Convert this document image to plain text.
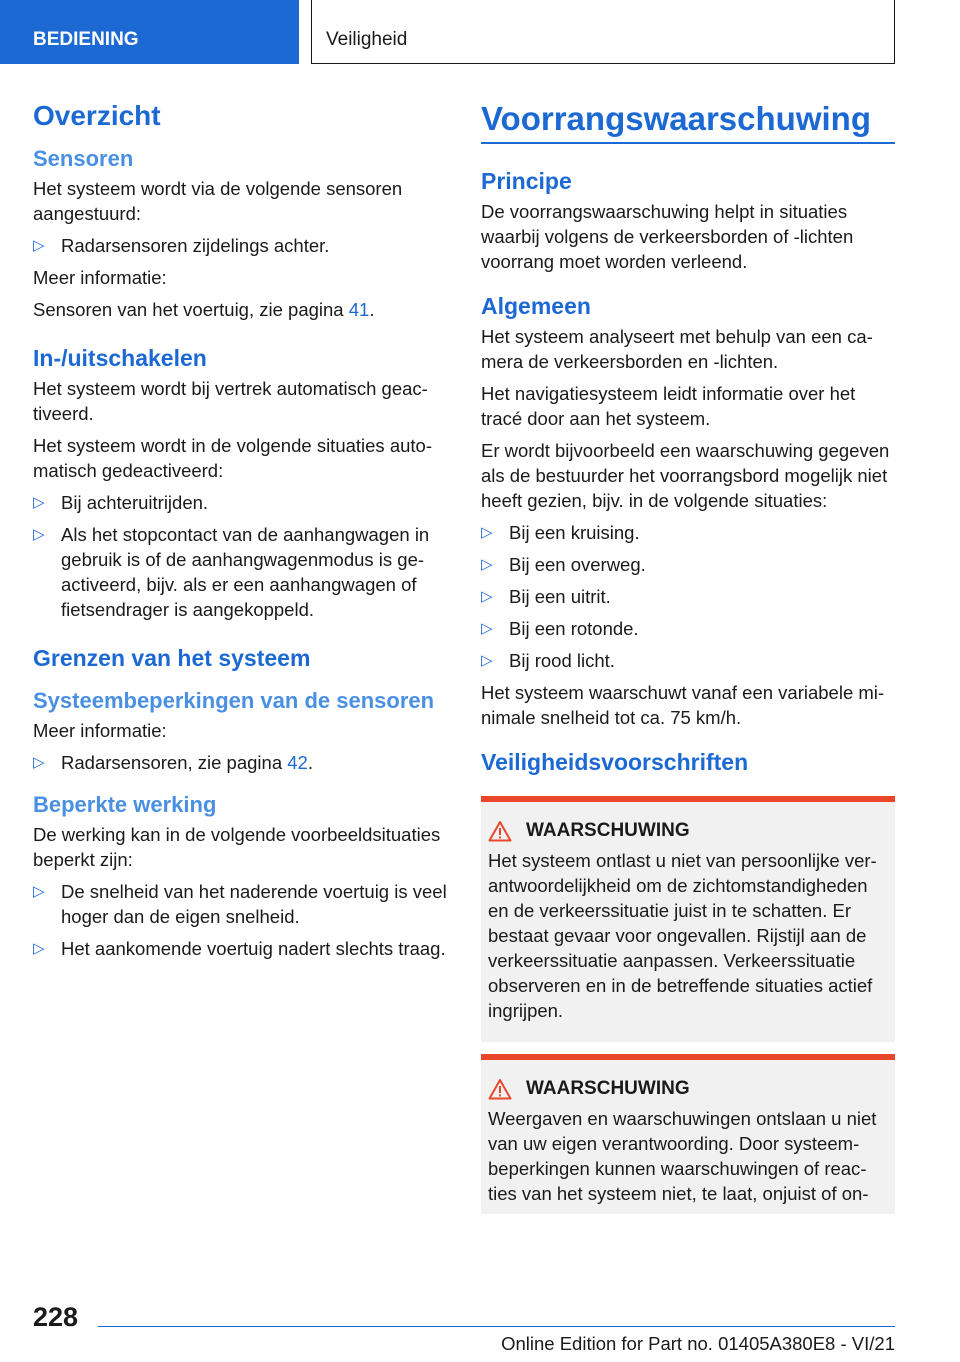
BEDIENING	Veiligheid
Overzicht
Sensoren

Het systeem wordt via de volgende sensoren aangestuurd:

▷ Radarsensoren zijdelings achter.

Meer informatie:

Sensoren van het voertuig, zie pagina 41.

In-/uitschakelen

Het systeem wordt bij vertrek automatisch geactiveerd.

Het systeem wordt in de volgende situaties automatisch gedeactiveerd:

▷ Bij achteruitrijden.
▷ Als het stopcontact van de aanhangwagen in gebruik is of de aanhangwagenmodus is geactiveerd, bijv. als er een aanhangwagen of fietsendrager is aangekoppeld.
Grenzen van het systeem
Systeembeperkingen van de sensoren

Meer informatie:

▷ Radarsensoren, zie pagina 42.
Beperkte werking

De werking kan in de volgende voorbeeldsituaties beperkt zijn:

▷ De snelheid van het naderende voertuig is veel hoger dan de eigen snelheid.
▷ Het aankomende voertuig nadert slechts traag.
Voorrangswaarschuwing
Principe

De voorrangswaarschuwing helpt in situaties waarbij volgens de verkeersborden of -lichten voorrang moet worden verleend.

Algemeen

Het systeem analyseert met behulp van een camera de verkeersborden en -lichten.

Het navigatiesysteem leidt informatie over het tracé door aan het systeem.

Er wordt bijvoorbeeld een waarschuwing gegeven als de bestuurder het voorrangsbord mogelijk niet heeft gezien, bijv. in de volgende situaties:

▷ Bij een kruising.
▷ Bij een overweg.
▷ Bij een uitrit.
▷ Bij een rotonde.
▷ Bij rood licht.

Het systeem waarschuwt vanaf een variabele minimale snelheid tot ca. 75 km/h.

Veiligheidsvoorschriften
WAARSCHUWING

Het systeem ontlast u niet van persoonlijke verantwoordelijkheid om de zichtomstandigheden en de verkeerssituatie juist in te schatten. Er bestaat gevaar voor ongevallen. Rijstijl aan de verkeerssituatie aanpassen. Verkeerssituatie observeren en in de betreffende situaties actief ingrijpen.

WAARSCHUWING

Weergaven en waarschuwingen ontslaan u niet van uw eigen verantwoording. Door systeembeperkingen kunnen waarschuwingen of reacties van het systeem niet, te laat, onjuist of on-

228
Online Edition for Part no. 01405A380E8 - VI/21
